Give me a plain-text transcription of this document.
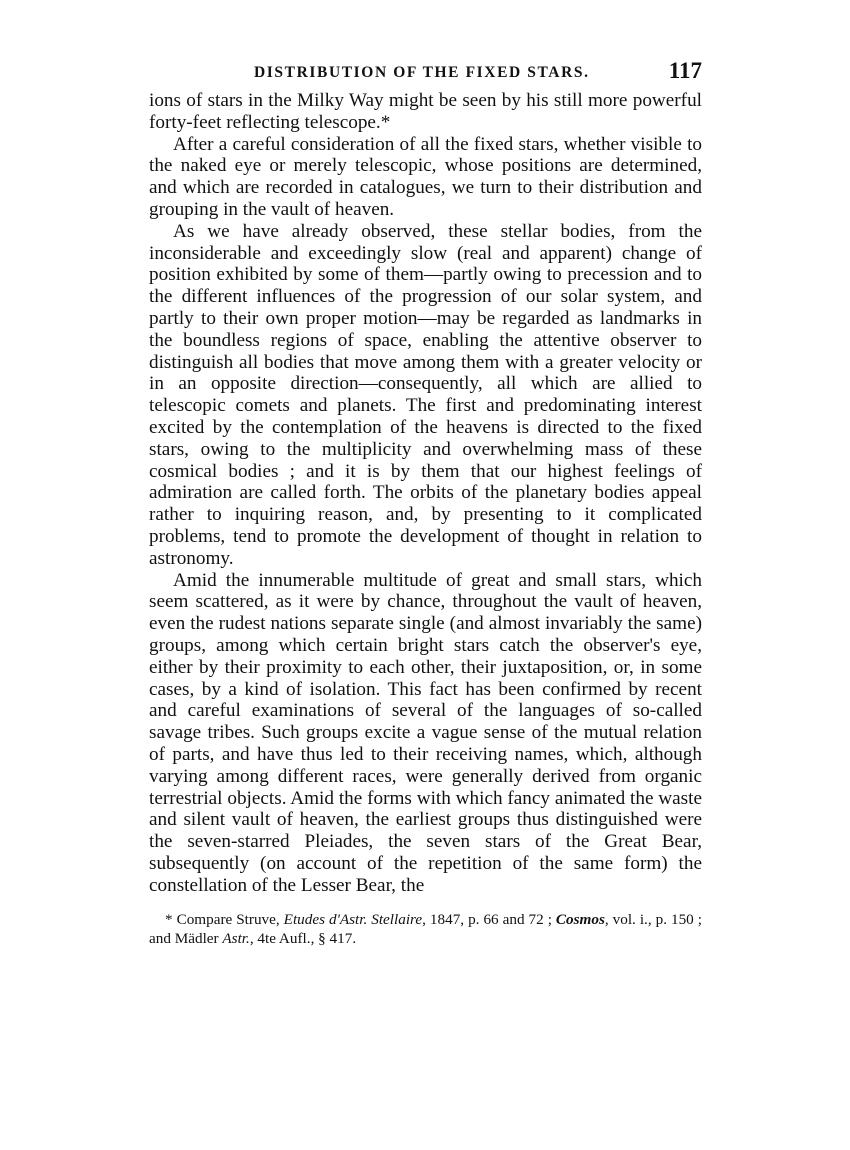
DISTRIBUTION OF THE FIXED STARS.	117

ions of stars in the Milky Way might be seen by his still more powerful forty-feet reflecting telescope.*

After a careful consideration of all the fixed stars, whether visible to the naked eye or merely telescopic, whose positions are determined, and which are recorded in catalogues, we turn to their distribution and grouping in the vault of heaven.

As we have already observed, these stellar bodies, from the inconsiderable and exceedingly slow (real and apparent) change of position exhibited by some of them—partly owing to precession and to the different influences of the progression of our solar system, and partly to their own proper motion—may be regarded as landmarks in the boundless regions of space, enabling the attentive observer to distinguish all bodies that move among them with a greater velocity or in an opposite direction—consequently, all which are allied to telescopic comets and planets. The first and predominating interest excited by the contemplation of the heavens is directed to the fixed stars, owing to the multiplicity and overwhelming mass of these cosmical bodies ; and it is by them that our highest feelings of admiration are called forth. The orbits of the planetary bodies appeal rather to inquiring reason, and, by presenting to it complicated problems, tend to promote the development of thought in relation to astronomy.

Amid the innumerable multitude of great and small stars, which seem scattered, as it were by chance, throughout the vault of heaven, even the rudest nations separate single (and almost invariably the same) groups, among which certain bright stars catch the observer's eye, either by their proximity to each other, their juxtaposition, or, in some cases, by a kind of isolation. This fact has been confirmed by recent and careful examinations of several of the languages of so-called savage tribes. Such groups excite a vague sense of the mutual relation of parts, and have thus led to their receiving names, which, although varying among different races, were generally derived from organic terrestrial objects. Amid the forms with which fancy animated the waste and silent vault of heaven, the earliest groups thus distinguished were the seven-starred Pleiades, the seven stars of the Great Bear, subsequently (on account of the repetition of the same form) the constellation of the Lesser Bear, the

* Compare Struve, Etudes d'Astr. Stellaire, 1847, p. 66 and 72 ; Cosmos, vol. i., p. 150 ; and Mädler Astr., 4te Aufl., § 417.
